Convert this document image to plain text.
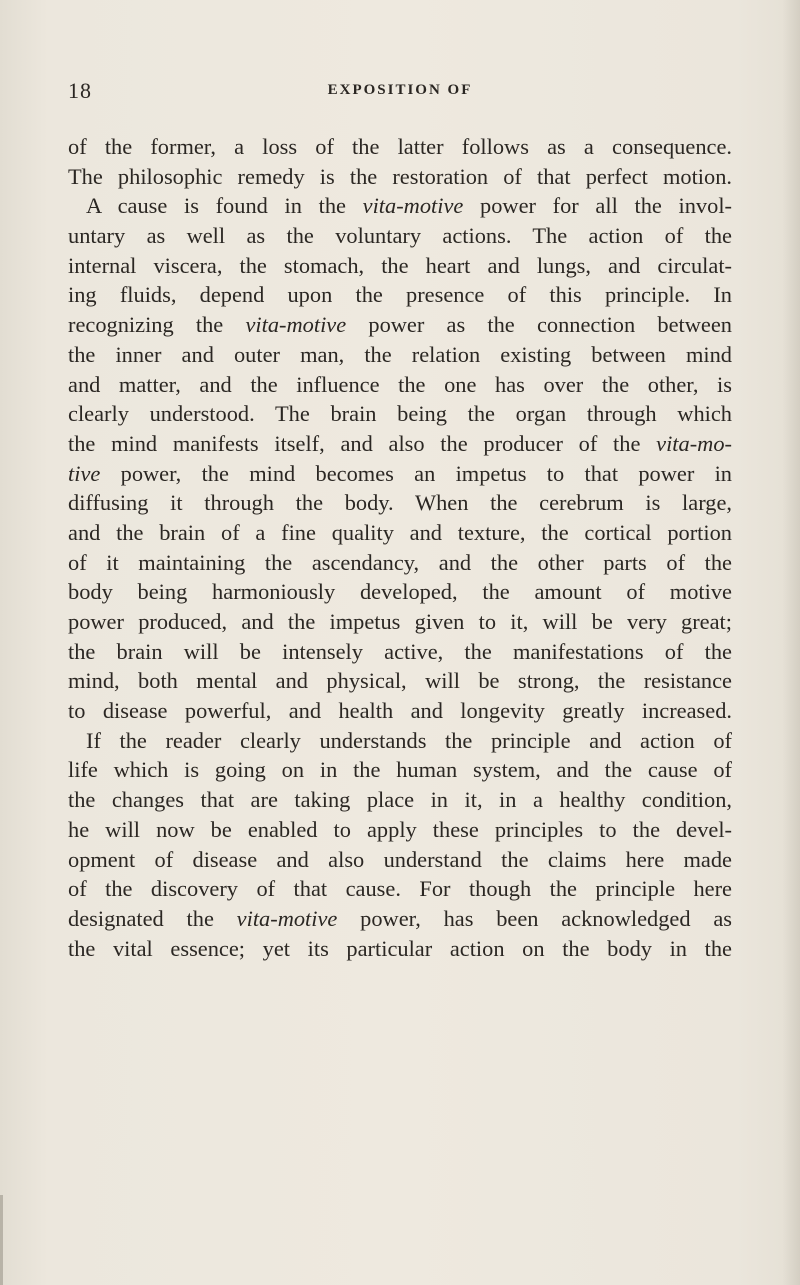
18	EXPOSITION OF
of the former, a loss of the latter follows as a consequence.
The philosophic remedy is the restoration of that perfect motion.
A cause is found in the vita-motive power for all the invol-
untary as well as the voluntary actions. The action of the
internal viscera, the stomach, the heart and lungs, and circulat-
ing fluids, depend upon the presence of this principle. In
recognizing the vita-motive power as the connection between
the inner and outer man, the relation existing between mind
and matter, and the influence the one has over the other, is
clearly understood. The brain being the organ through which
the mind manifests itself, and also the producer of the vita-mo-
tive power, the mind becomes an impetus to that power in
diffusing it through the body. When the cerebrum is large,
and the brain of a fine quality and texture, the cortical portion
of it maintaining the ascendancy, and the other parts of the
body being harmoniously developed, the amount of motive
power produced, and the impetus given to it, will be very great;
the brain will be intensely active, the manifestations of the
mind, both mental and physical, will be strong, the resistance
to disease powerful, and health and longevity greatly increased.
If the reader clearly understands the principle and action of
life which is going on in the human system, and the cause of
the changes that are taking place in it, in a healthy condition,
he will now be enabled to apply these principles to the devel-
opment of disease and also understand the claims here made
of the discovery of that cause. For though the principle here
designated the vita-motive power, has been acknowledged as
the vital essence; yet its particular action on the body in the
